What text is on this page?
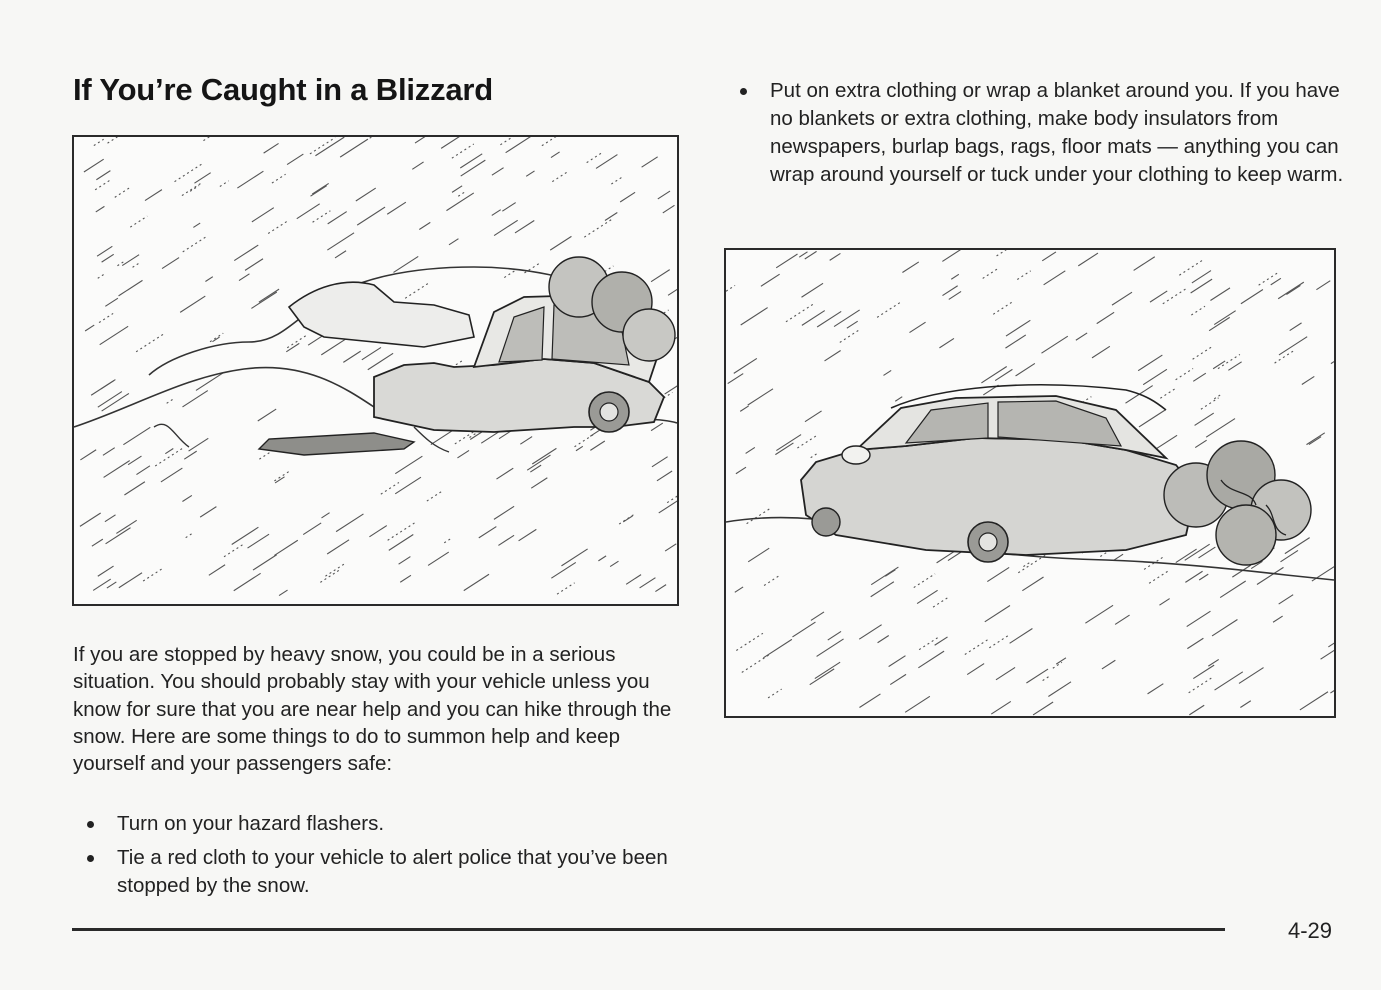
If You’re Caught in a Blizzard

If you are stopped by heavy snow, you could be in a serious situation. You should probably stay with your vehicle unless you know for sure that you are near help and you can hike through the snow. Here are some things to do to summon help and keep yourself and your passengers safe:

Turn on your hazard flashers.
Tie a red cloth to your vehicle to alert police that you’ve been stopped by the snow.

Put on extra clothing or wrap a blanket around you. If you have no blankets or extra clothing, make body insulators from newspapers, burlap bags, rags, floor mats — anything you can wrap around yourself or tuck under your clothing to keep warm.

4-29
